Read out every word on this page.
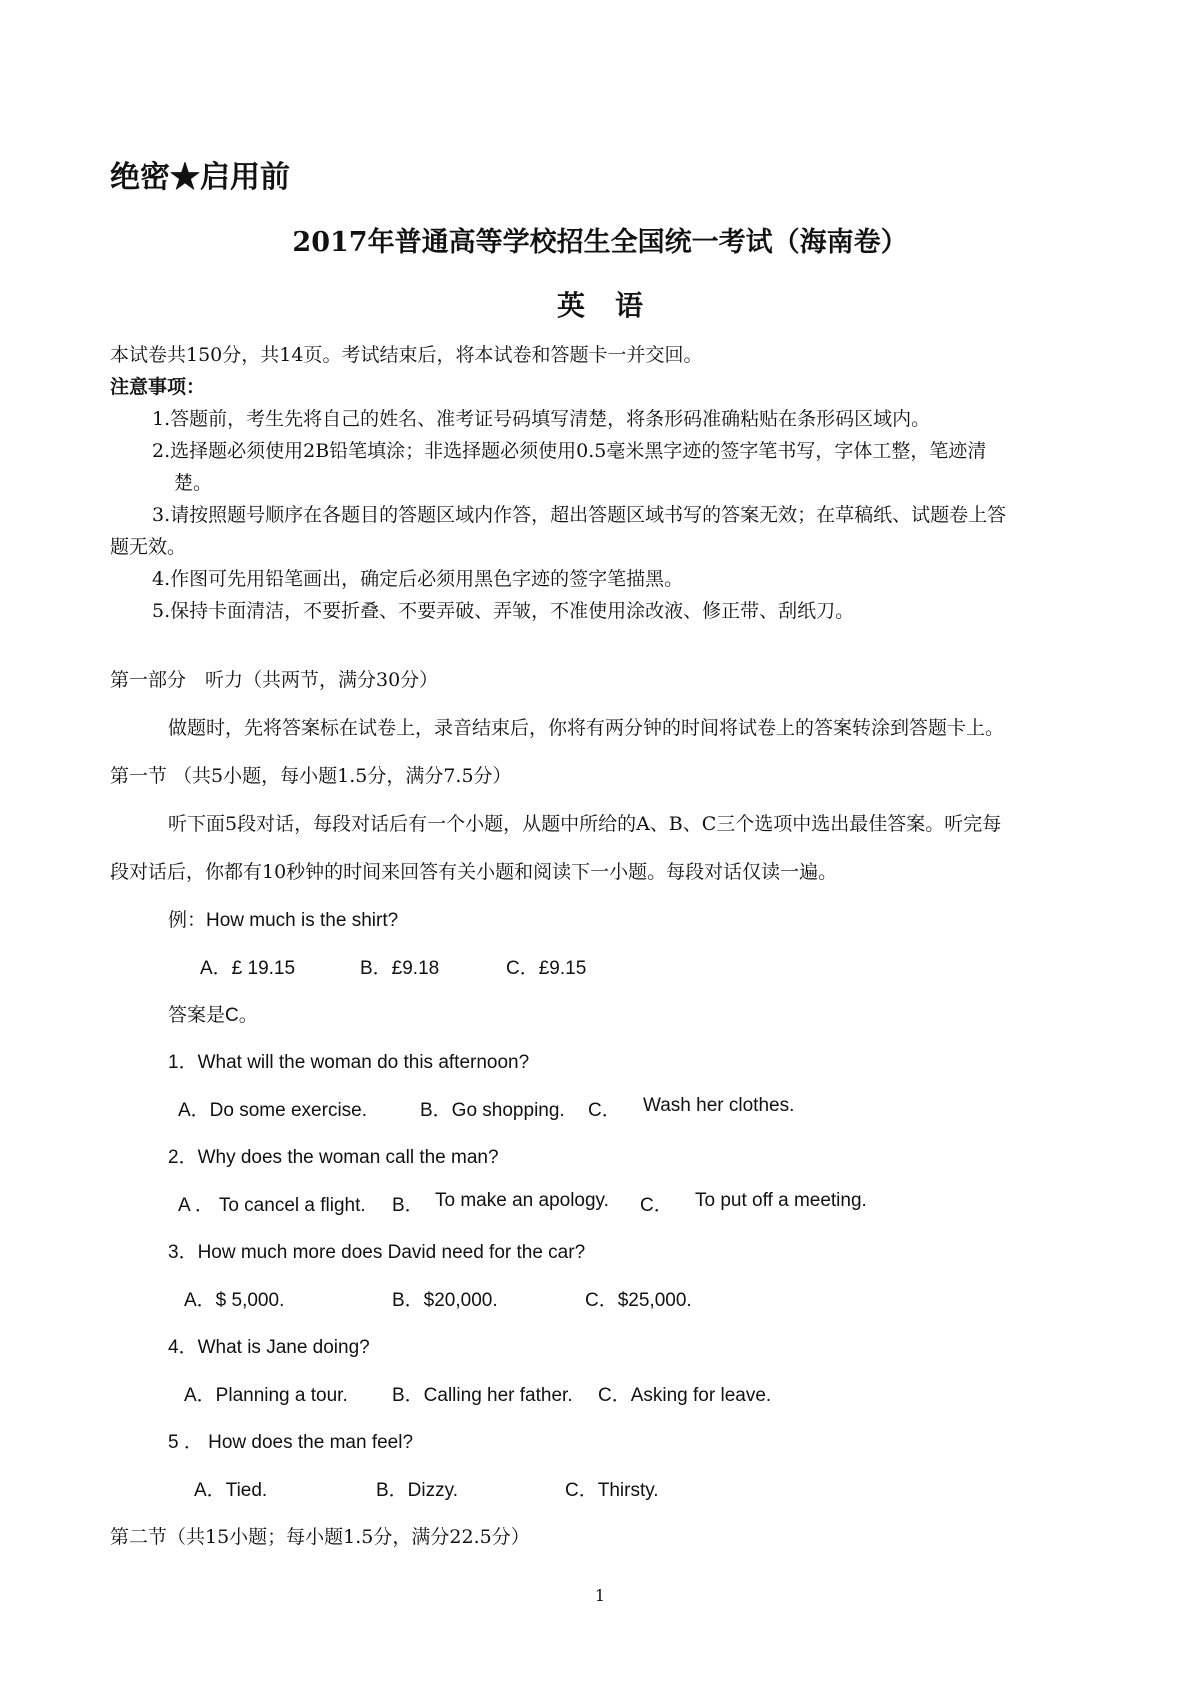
绝密★启用前
2017年普通高等学校招生全国统一考试（海南卷）
英语
本试卷共150分，共14页。考试结束后，将本试卷和答题卡一并交回。
注意事项：
1.答题前，考生先将自己的姓名、准考证号码填写清楚，将条形码准确粘贴在条形码区域内。
2.选择题必须使用2B铅笔填涂；非选择题必须使用0.5毫米黑字迹的签字笔书写，字体工整，笔迹清
楚。
3.请按照题号顺序在各题目的答题区域内作答，超出答题区域书写的答案无效；在草稿纸、试题卷上答
题无效。
4.作图可先用铅笔画出，确定后必须用黑色字迹的签字笔描黑。
5.保持卡面清洁，不要折叠、不要弄破、弄皱，不准使用涂改液、修正带、刮纸刀。
第一部分　听力（共两节，满分30分）
做题时，先将答案标在试卷上，录音结束后，你将有两分钟的时间将试卷上的答案转涂到答题卡上。
第一节 （共5小题，每小题1.5分，满分7.5分）
听下面5段对话，每段对话后有一个小题，从题中所给的A、B、C三个选项中选出最佳答案。听完每
段对话后，你都有10秒钟的时间来回答有关小题和阅读下一小题。每段对话仅读一遍。
例：How much is the shirt?
A．£ 19.15	B．£9.18	C．£9.15
答案是C。
1．What will the woman do this afternoon?
A．Do some exercise.	B．Go shopping. C． Wash her clothes.
2．Why does the woman call the man?
A ． To cancel a flight. B． To make an apology. C． To put off a meeting.
3．How much more does David need for the car?
A．$ 5,000.	B．$20,000.	C．$25,000.
4．What is Jane doing?
A．Planning a tour. B．Calling her father. C．Asking for leave.
5 ． How does the man feel?
A．Tied.	B．Dizzy.	C．Thirsty.
第二节（共15小题；每小题1.5分，满分22.5分）
1
